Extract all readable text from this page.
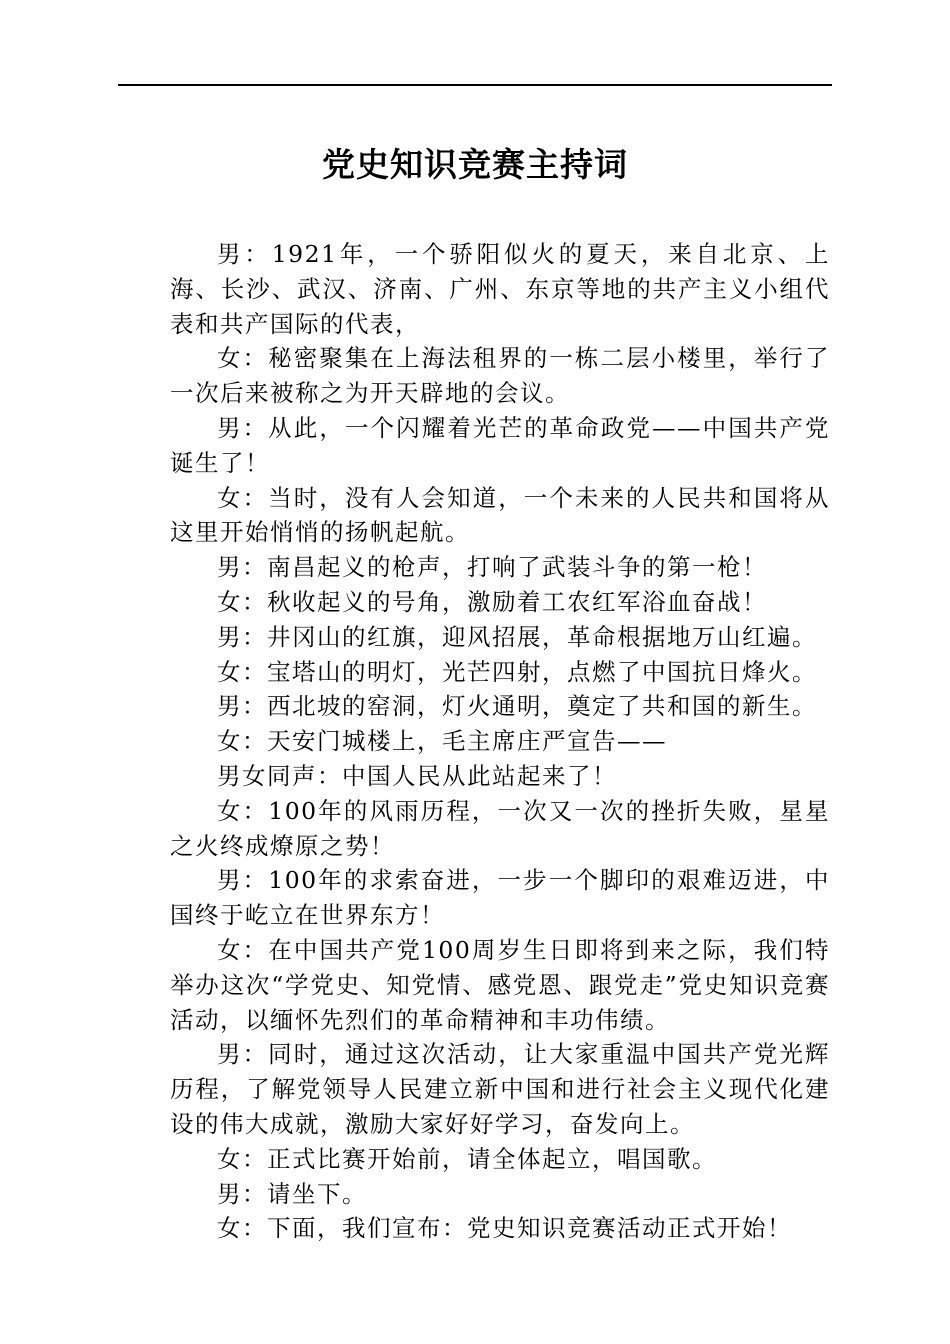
党史知识竞赛主持词

男：1921年，一个骄阳似火的夏天，来自北京、上海、长沙、武汉、济南、广州、东京等地的共产主义小组代表和共产国际的代表，

女：秘密聚集在上海法租界的一栋二层小楼里，举行了一次后来被称之为开天辟地的会议。

男：从此，一个闪耀着光芒的革命政党——中国共产党诞生了！

女：当时，没有人会知道，一个未来的人民共和国将从这里开始悄悄的扬帆起航。

男：南昌起义的枪声，打响了武装斗争的第一枪！

女：秋收起义的号角，激励着工农红军浴血奋战！

男：井冈山的红旗，迎风招展，革命根据地万山红遍。

女：宝塔山的明灯，光芒四射，点燃了中国抗日烽火。

男：西北坡的窑洞，灯火通明，奠定了共和国的新生。

女：天安门城楼上，毛主席庄严宣告——

男女同声：中国人民从此站起来了！

女：100年的风雨历程，一次又一次的挫折失败，星星之火终成燎原之势！

男：100年的求索奋进，一步一个脚印的艰难迈进，中国终于屹立在世界东方！

女：在中国共产党100周岁生日即将到来之际，我们特举办这次“学党史、知党情、感党恩、跟党走”党史知识竞赛活动，以缅怀先烈们的革命精神和丰功伟绩。

男：同时，通过这次活动，让大家重温中国共产党光辉历程，了解党领导人民建立新中国和进行社会主义现代化建设的伟大成就，激励大家好好学习，奋发向上。

女：正式比赛开始前，请全体起立，唱国歌。

男：请坐下。

女：下面，我们宣布：党史知识竞赛活动正式开始！
